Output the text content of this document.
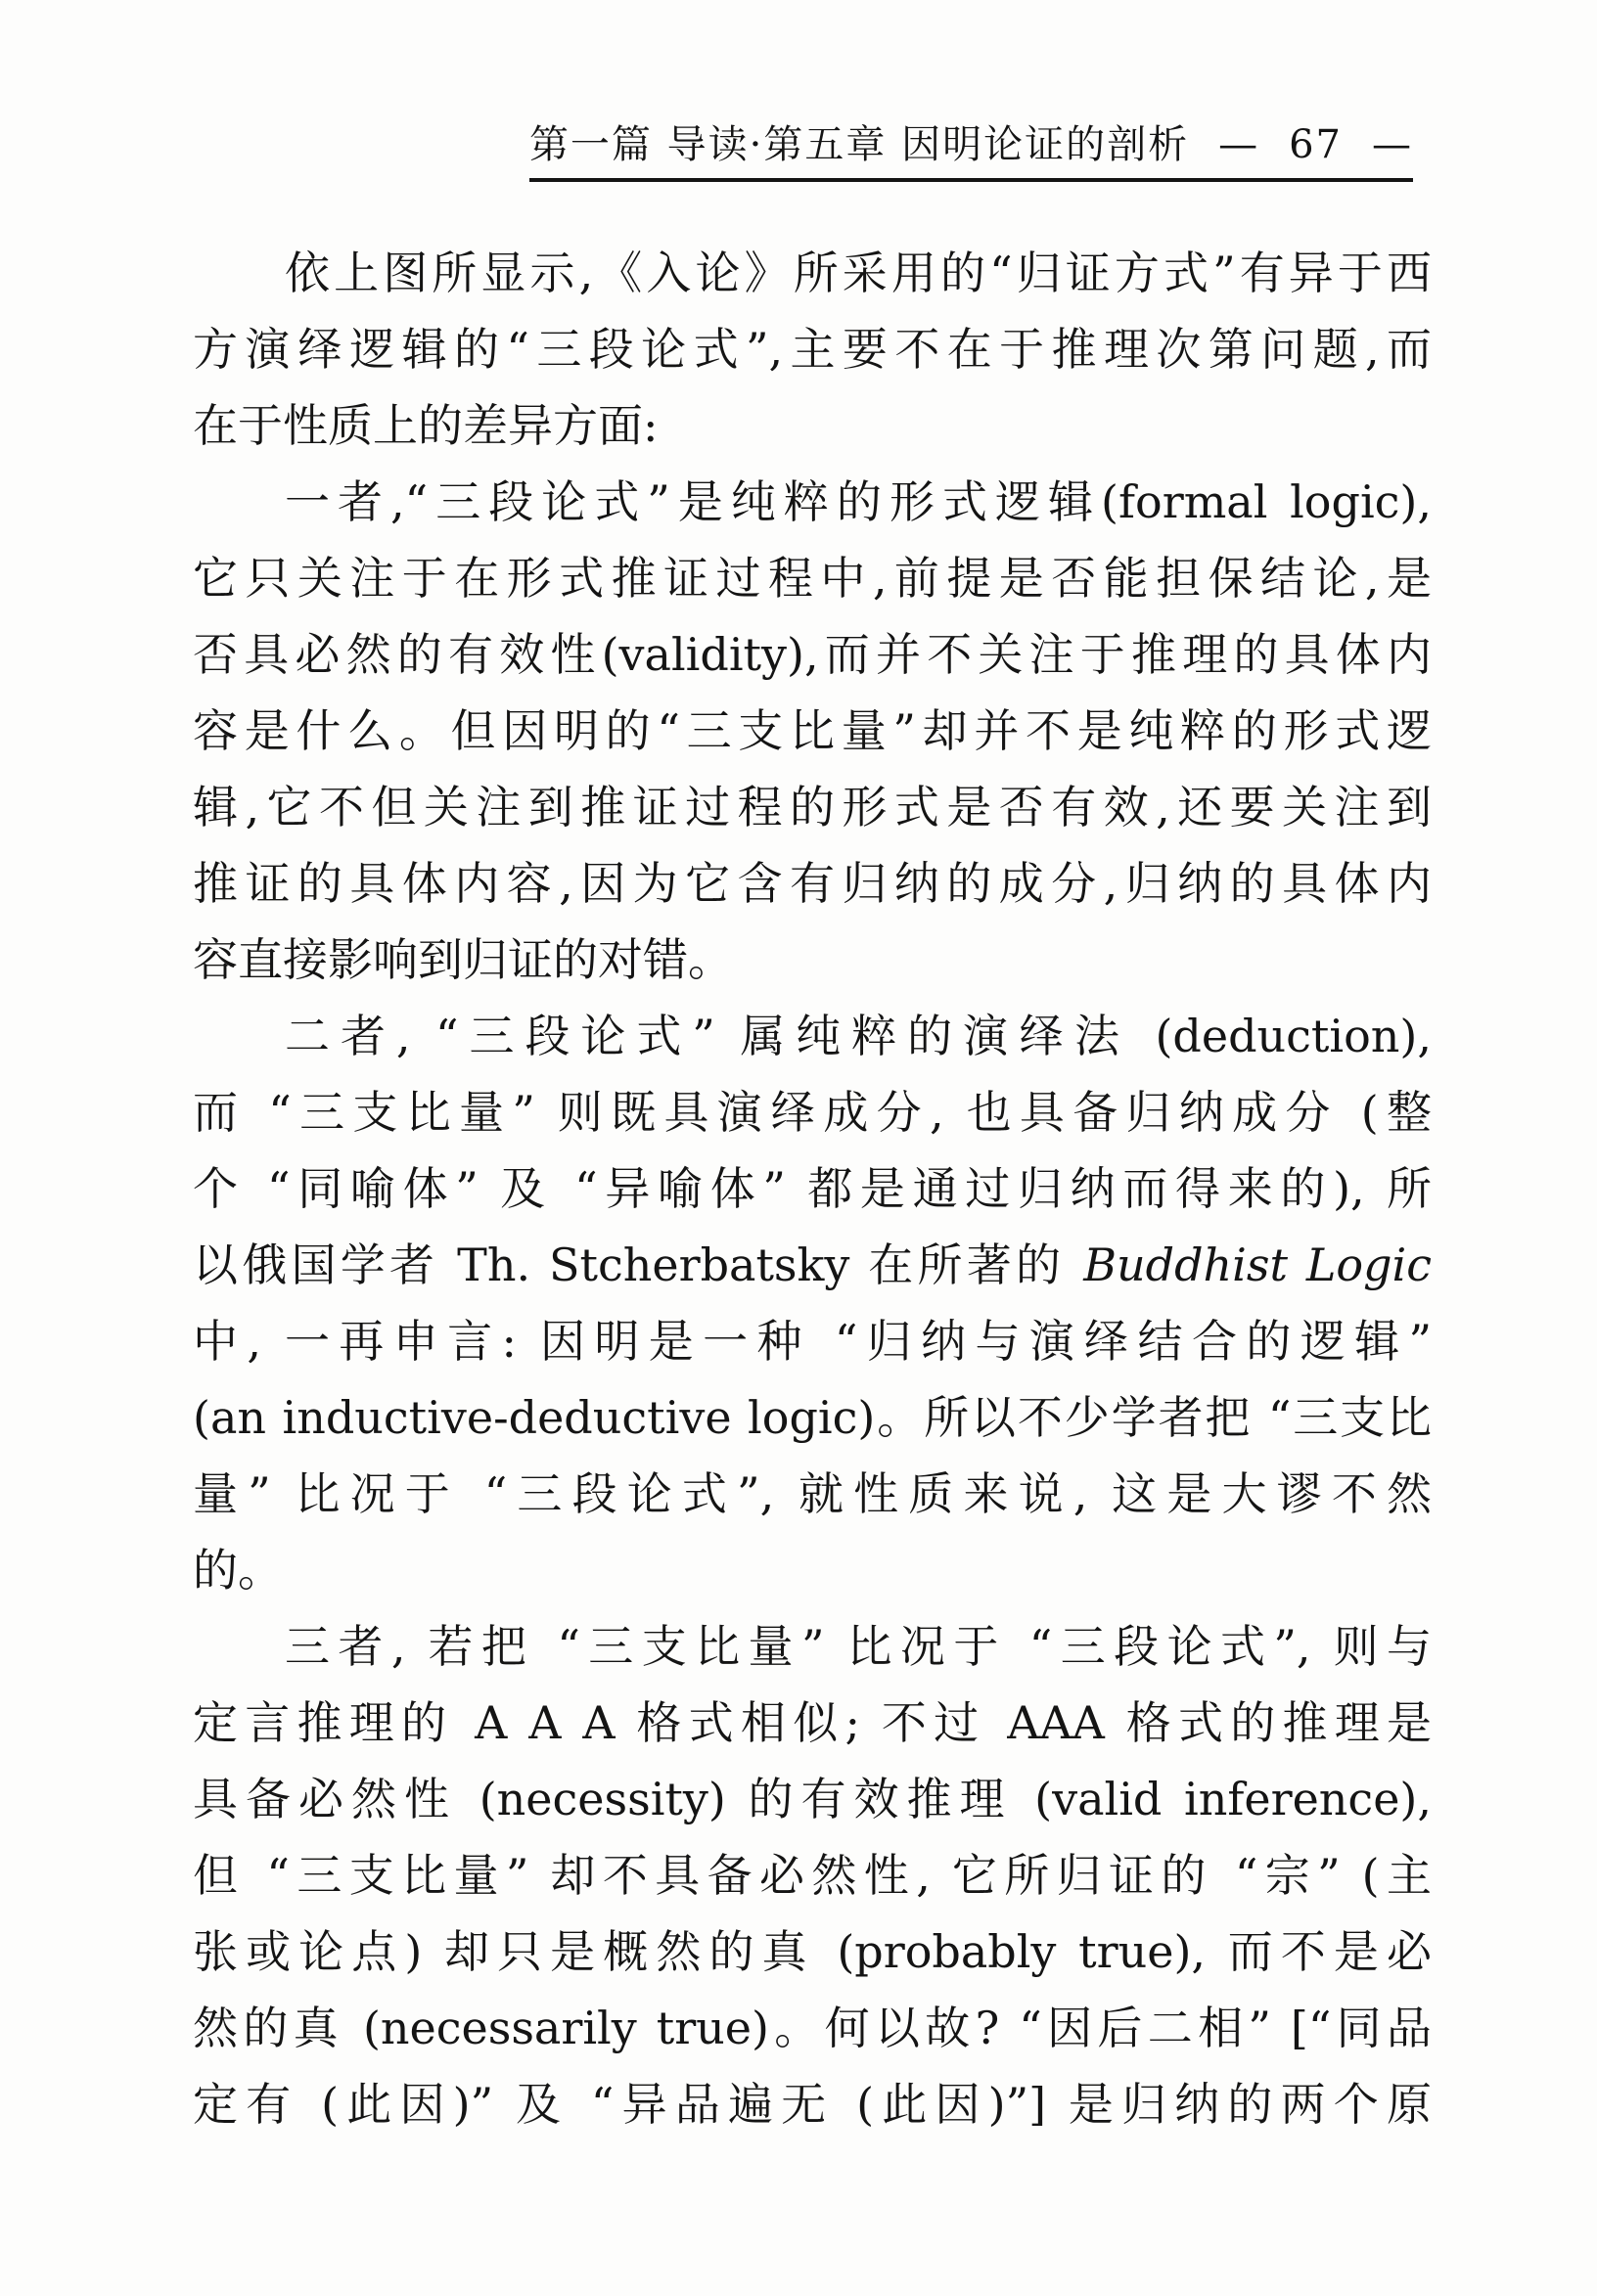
第一篇 导读·第五章 因明论证的剖析 — 67 —
依上图所显示,《入论》所采用的“归证方式”有异于西
方演绎逻辑的“三段论式”,主要不在于推理次第问题,而
在于性质上的差异方面:
一者,“三段论式”是纯粹的形式逻辑(formal logic),
它只关注于在形式推证过程中,前提是否能担保结论,是
否具必然的有效性(validity),而并不关注于推理的具体内
容是什么。但因明的“三支比量”却并不是纯粹的形式逻
辑,它不但关注到推证过程的形式是否有效,还要关注到
推证的具体内容,因为它含有归纳的成分,归纳的具体内
容直接影响到归证的对错。
二者, “三段论式” 属纯粹的演绎法 (deduction),
而 “三支比量” 则既具演绎成分, 也具备归纳成分 (整
个 “同喻体” 及 “异喻体” 都是通过归纳而得来的), 所
以俄国学者 Th. Stcherbatsky 在所著的 Buddhist Logic
中, 一再申言: 因明是一种 “归纳与演绎结合的逻辑”
(an inductive-deductive logic)。所以不少学者把 “三支比
量” 比况于 “三段论式”, 就性质来说, 这是大谬不然
的。
三者, 若把 “三支比量” 比况于 “三段论式”, 则与
定言推理的 A A A 格式相似; 不过 AAA 格式的推理是
具备必然性 (necessity) 的有效推理 (valid inference),
但 “三支比量” 却不具备必然性, 它所归证的 “宗” (主
张或论点) 却只是概然的真 (probably true), 而不是必
然的真 (necessarily true)。何以故? “因后二相” [“同品
定有 (此因)” 及 “异品遍无 (此因)”] 是归纳的两个原
